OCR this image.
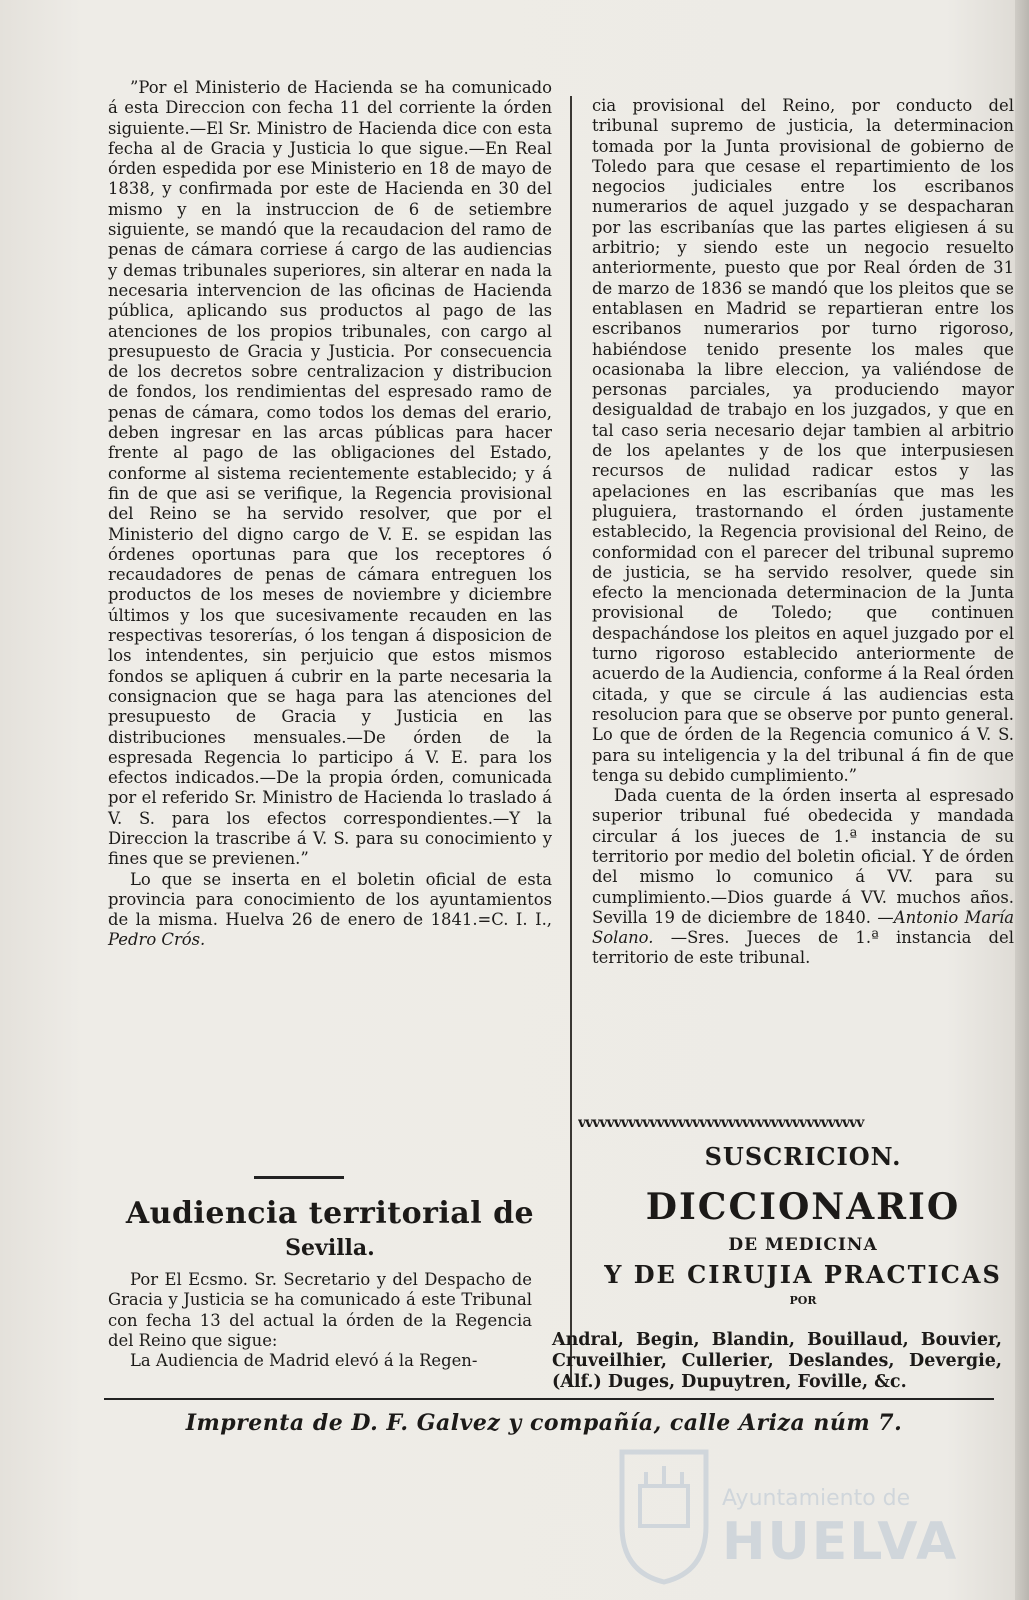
”Por el Ministerio de Hacienda se ha comunicado á esta Direccion con fecha 11 del corriente la órden siguiente.—El Sr. Ministro de Hacienda dice con esta fecha al de Gracia y Justicia lo que sigue.—En Real órden espedida por ese Ministerio en 18 de mayo de 1838, y confirmada por este de Hacienda en 30 del mismo y en la instruccion de 6 de setiembre siguiente, se mandó que la recaudacion del ramo de penas de cámara corriese á cargo de las audiencias y demas tribunales superiores, sin alterar en nada la necesaria intervencion de las oficinas de Hacienda pública, aplicando sus productos al pago de las atenciones de los propios tribunales, con cargo al presupuesto de Gracia y Justicia. Por consecuencia de los decretos sobre centralizacion y distribucion de fondos, los rendimientas del espresado ramo de penas de cámara, como todos los demas del erario, deben ingresar en las arcas públicas para hacer frente al pago de las obligaciones del Estado, conforme al sistema recientemente establecido; y á fin de que asi se verifique, la Regencia provisional del Reino se ha servido resolver, que por el Ministerio del digno cargo de V. E. se espidan las órdenes oportunas para que los receptores ó recaudadores de penas de cámara entreguen los productos de los meses de noviembre y diciembre últimos y los que sucesivamente recauden en las respectivas tesorerías, ó los tengan á disposicion de los intendentes, sin perjuicio que estos mismos fondos se apliquen á cubrir en la parte necesaria la consignacion que se haga para las atenciones del presupuesto de Gracia y Justicia en las distribuciones mensuales.—De órden de la espresada Regencia lo participo á V. E. para los efectos indicados.—De la propia órden, comunicada por el referido Sr. Ministro de Hacienda lo traslado á V. S. para los efectos correspondientes.—Y la Direccion la trascribe á V. S. para su conocimiento y fines que se previenen.”

Lo que se inserta en el boletin oficial de esta provincia para conocimiento de los ayuntamientos de la misma. Huelva 26 de enero de 1841.=C. I. I., Pedro Crós.

Audiencia territorial de
Sevilla.

Por El Ecsmo. Sr. Secretario y del Despacho de Gracia y Justicia se ha comunicado á este Tribunal con fecha 13 del actual la órden de la Regencia del Reino que sigue:

La Audiencia de Madrid elevó á la Regen-

cia provisional del Reino, por conducto del tribunal supremo de justicia, la determinacion tomada por la Junta provisional de gobierno de Toledo para que cesase el repartimiento de los negocios judiciales entre los escribanos numerarios de aquel juzgado y se despacharan por las escribanías que las partes eligiesen á su arbitrio; y siendo este un negocio resuelto anteriormente, puesto que por Real órden de 31 de marzo de 1836 se mandó que los pleitos que se entablasen en Madrid se repartieran entre los escribanos numerarios por turno rigoroso, habiéndose tenido presente los males que ocasionaba la libre eleccion, ya valiéndose de personas parciales, ya produciendo mayor desigualdad de trabajo en los juzgados, y que en tal caso seria necesario dejar tambien al arbitrio de los apelantes y de los que interpusiesen recursos de nulidad radicar estos y las apelaciones en las escribanías que mas les pluguiera, trastornando el órden justamente establecido, la Regencia provisional del Reino, de conformidad con el parecer del tribunal supremo de justicia, se ha servido resolver, quede sin efecto la mencionada determinacion de la Junta provisional de Toledo; que continuen despachándose los pleitos en aquel juzgado por el turno rigoroso establecido anteriormente de acuerdo de la Audiencia, conforme á la Real órden citada, y que se circule á las audiencias esta resolucion para que se observe por punto general. Lo que de órden de la Regencia comunico á V. S. para su inteligencia y la del tribunal á fin de que tenga su debido cumplimiento.”

Dada cuenta de la órden inserta al espresado superior tribunal fué obedecida y mandada circular á los jueces de 1.ª instancia de su territorio por medio del boletin oficial. Y de órden del mismo lo comunico á VV. para su cumplimiento.—Dios guarde á VV. muchos años. Sevilla 19 de diciembre de 1840. —Antonio María Solano. —Sres. Jueces de 1.ª instancia del territorio de este tribunal.

vvvvvvvvvvvvvvvvvvvvvvvvvvvvvvvvvvvvvvvv
SUSCRICION.
DICCIONARIO
DE MEDICINA
Y DE CIRUJIA PRACTICAS
POR
Andral, Begin, Blandin, Bouillaud, Bouvier, Cruveilhier, Cullerier, Deslandes, Devergie, (Alf.) Duges, Dupuytren, Foville, &c.
Imprenta de D. F. Galvez y compañía, calle Ariza núm 7.
Ayuntamiento de
HUELVA
